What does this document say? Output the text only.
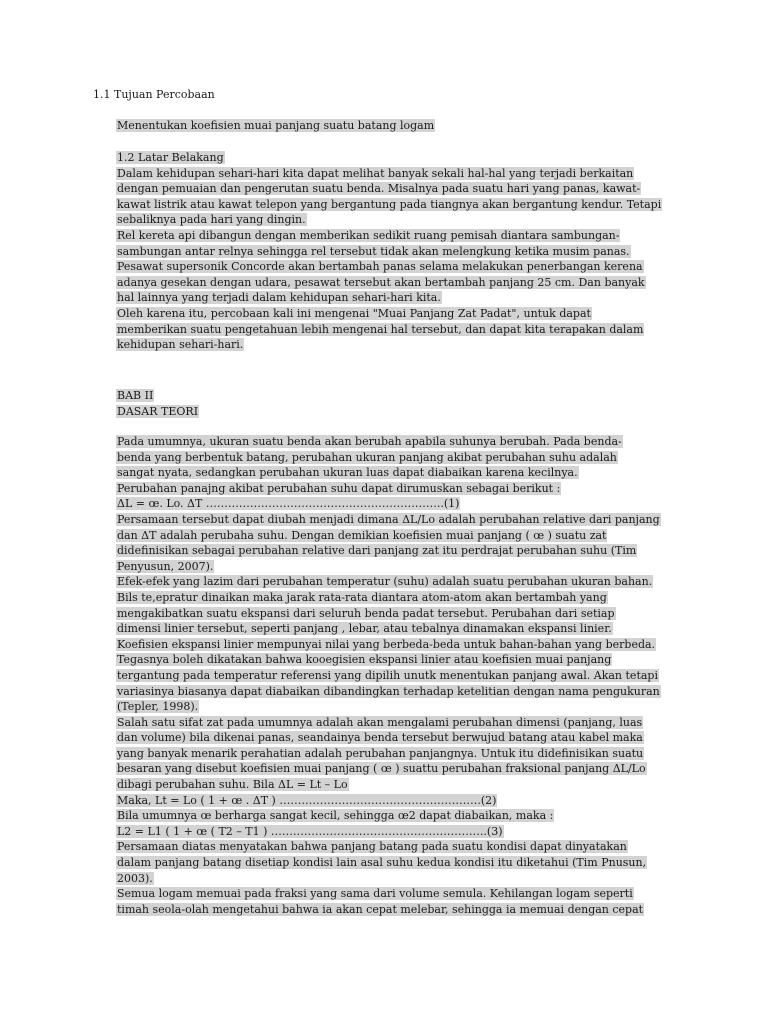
1.1 Tujuan Percobaan
Menentukan koefisien muai panjang suatu batang logam
1.2 Latar Belakang
Dalam kehidupan sehari-hari kita dapat melihat banyak sekali hal-hal yang terjadi berkaitan
dengan pemuaian dan pengerutan suatu benda. Misalnya pada suatu hari yang panas, kawat-
kawat listrik atau kawat telepon yang bergantung pada tiangnya akan bergantung kendur. Tetapi
sebaliknya pada hari yang dingin.
Rel kereta api dibangun dengan memberikan sedikit ruang pemisah diantara sambungan-
sambungan antar relnya sehingga rel tersebut tidak akan melengkung ketika musim panas.
Pesawat supersonik Concorde akan bertambah panas selama melakukan penerbangan kerena
adanya gesekan dengan udara, pesawat tersebut akan bertambah panjang 25 cm. Dan banyak
hal lainnya yang terjadi dalam kehidupan sehari-hari kita.
Oleh karena itu, percobaan kali ini mengenai "Muai Panjang Zat Padat", untuk dapat
memberikan suatu pengetahuan lebih mengenai hal tersebut, dan dapat kita terapakan dalam
kehidupan sehari-hari.
BAB II
DASAR TEORI
Pada umumnya, ukuran suatu benda akan berubah apabila suhunya berubah. Pada benda-
benda yang berbentuk batang, perubahan ukuran panjang akibat perubahan suhu adalah
sangat nyata, sedangkan perubahan ukuran luas dapat diabaikan karena kecilnya.
Perubahan panajng akibat perubahan suhu dapat dirumuskan sebagai berikut :
ΔL = œ. Lo. ΔT ………………………………………………………..(1)
Persamaan tersebut dapat diubah menjadi dimana ΔL/Lo adalah perubahan relative dari panjang
dan ΔT adalah perubaha suhu. Dengan demikian koefisien muai panjang ( œ ) suatu zat
didefinisikan sebagai perubahan relative dari panjang zat itu perdrajat perubahan suhu (Tim
Penyusun, 2007).
Efek-efek yang lazim dari perubahan temperatur (suhu) adalah suatu perubahan ukuran bahan.
Bils te,epratur dinaikan maka jarak rata-rata diantara atom-atom akan bertambah yang
mengakibatkan suatu ekspansi dari seluruh benda padat tersebut. Perubahan dari setiap
dimensi linier tersebut, seperti panjang , lebar, atau tebalnya dinamakan ekspansi linier.
Koefisien ekspansi linier mempunyai nilai yang berbeda-beda untuk bahan-bahan yang berbeda.
Tegasnya boleh dikatakan bahwa kooegisien ekspansi linier atau koefisien muai panjang
tergantung pada temperatur referensi yang dipilih unutk menentukan panjang awal. Akan tetapi
variasinya biasanya dapat diabaikan dibandingkan terhadap ketelitian dengan nama pengukuran
(Tepler, 1998).
Salah satu sifat zat pada umumnya adalah akan mengalami perubahan dimensi (panjang, luas
dan volume) bila dikenai panas, seandainya benda tersebut berwujud batang atau kabel maka
yang banyak menarik perahatian adalah perubahan panjangnya. Untuk itu didefinisikan suatu
besaran yang disebut koefisien muai panjang ( œ ) suattu perubahan fraksional panjang ΔL/Lo
dibagi perubahan suhu. Bila ΔL = Lt – Lo
Maka, Lt = Lo ( 1 + œ . ΔT ) ……………………………………………….(2)
Bila umumnya œ berharga sangat kecil, sehingga œ2 dapat diabaikan, maka :
L2 = L1 ( 1 + œ ( T2 – T1 ) …………………………………………………..(3)
Persamaan diatas menyatakan bahwa panjang batang pada suatu kondisi dapat dinyatakan
dalam panjang batang disetiap kondisi lain asal suhu kedua kondisi itu diketahui (Tim Pnusun,
2003).
Semua logam memuai pada fraksi yang sama dari volume semula. Kehilangan logam seperti
timah seola-olah mengetahui bahwa ia akan cepat melebar, sehingga ia memuai dengan cepat
